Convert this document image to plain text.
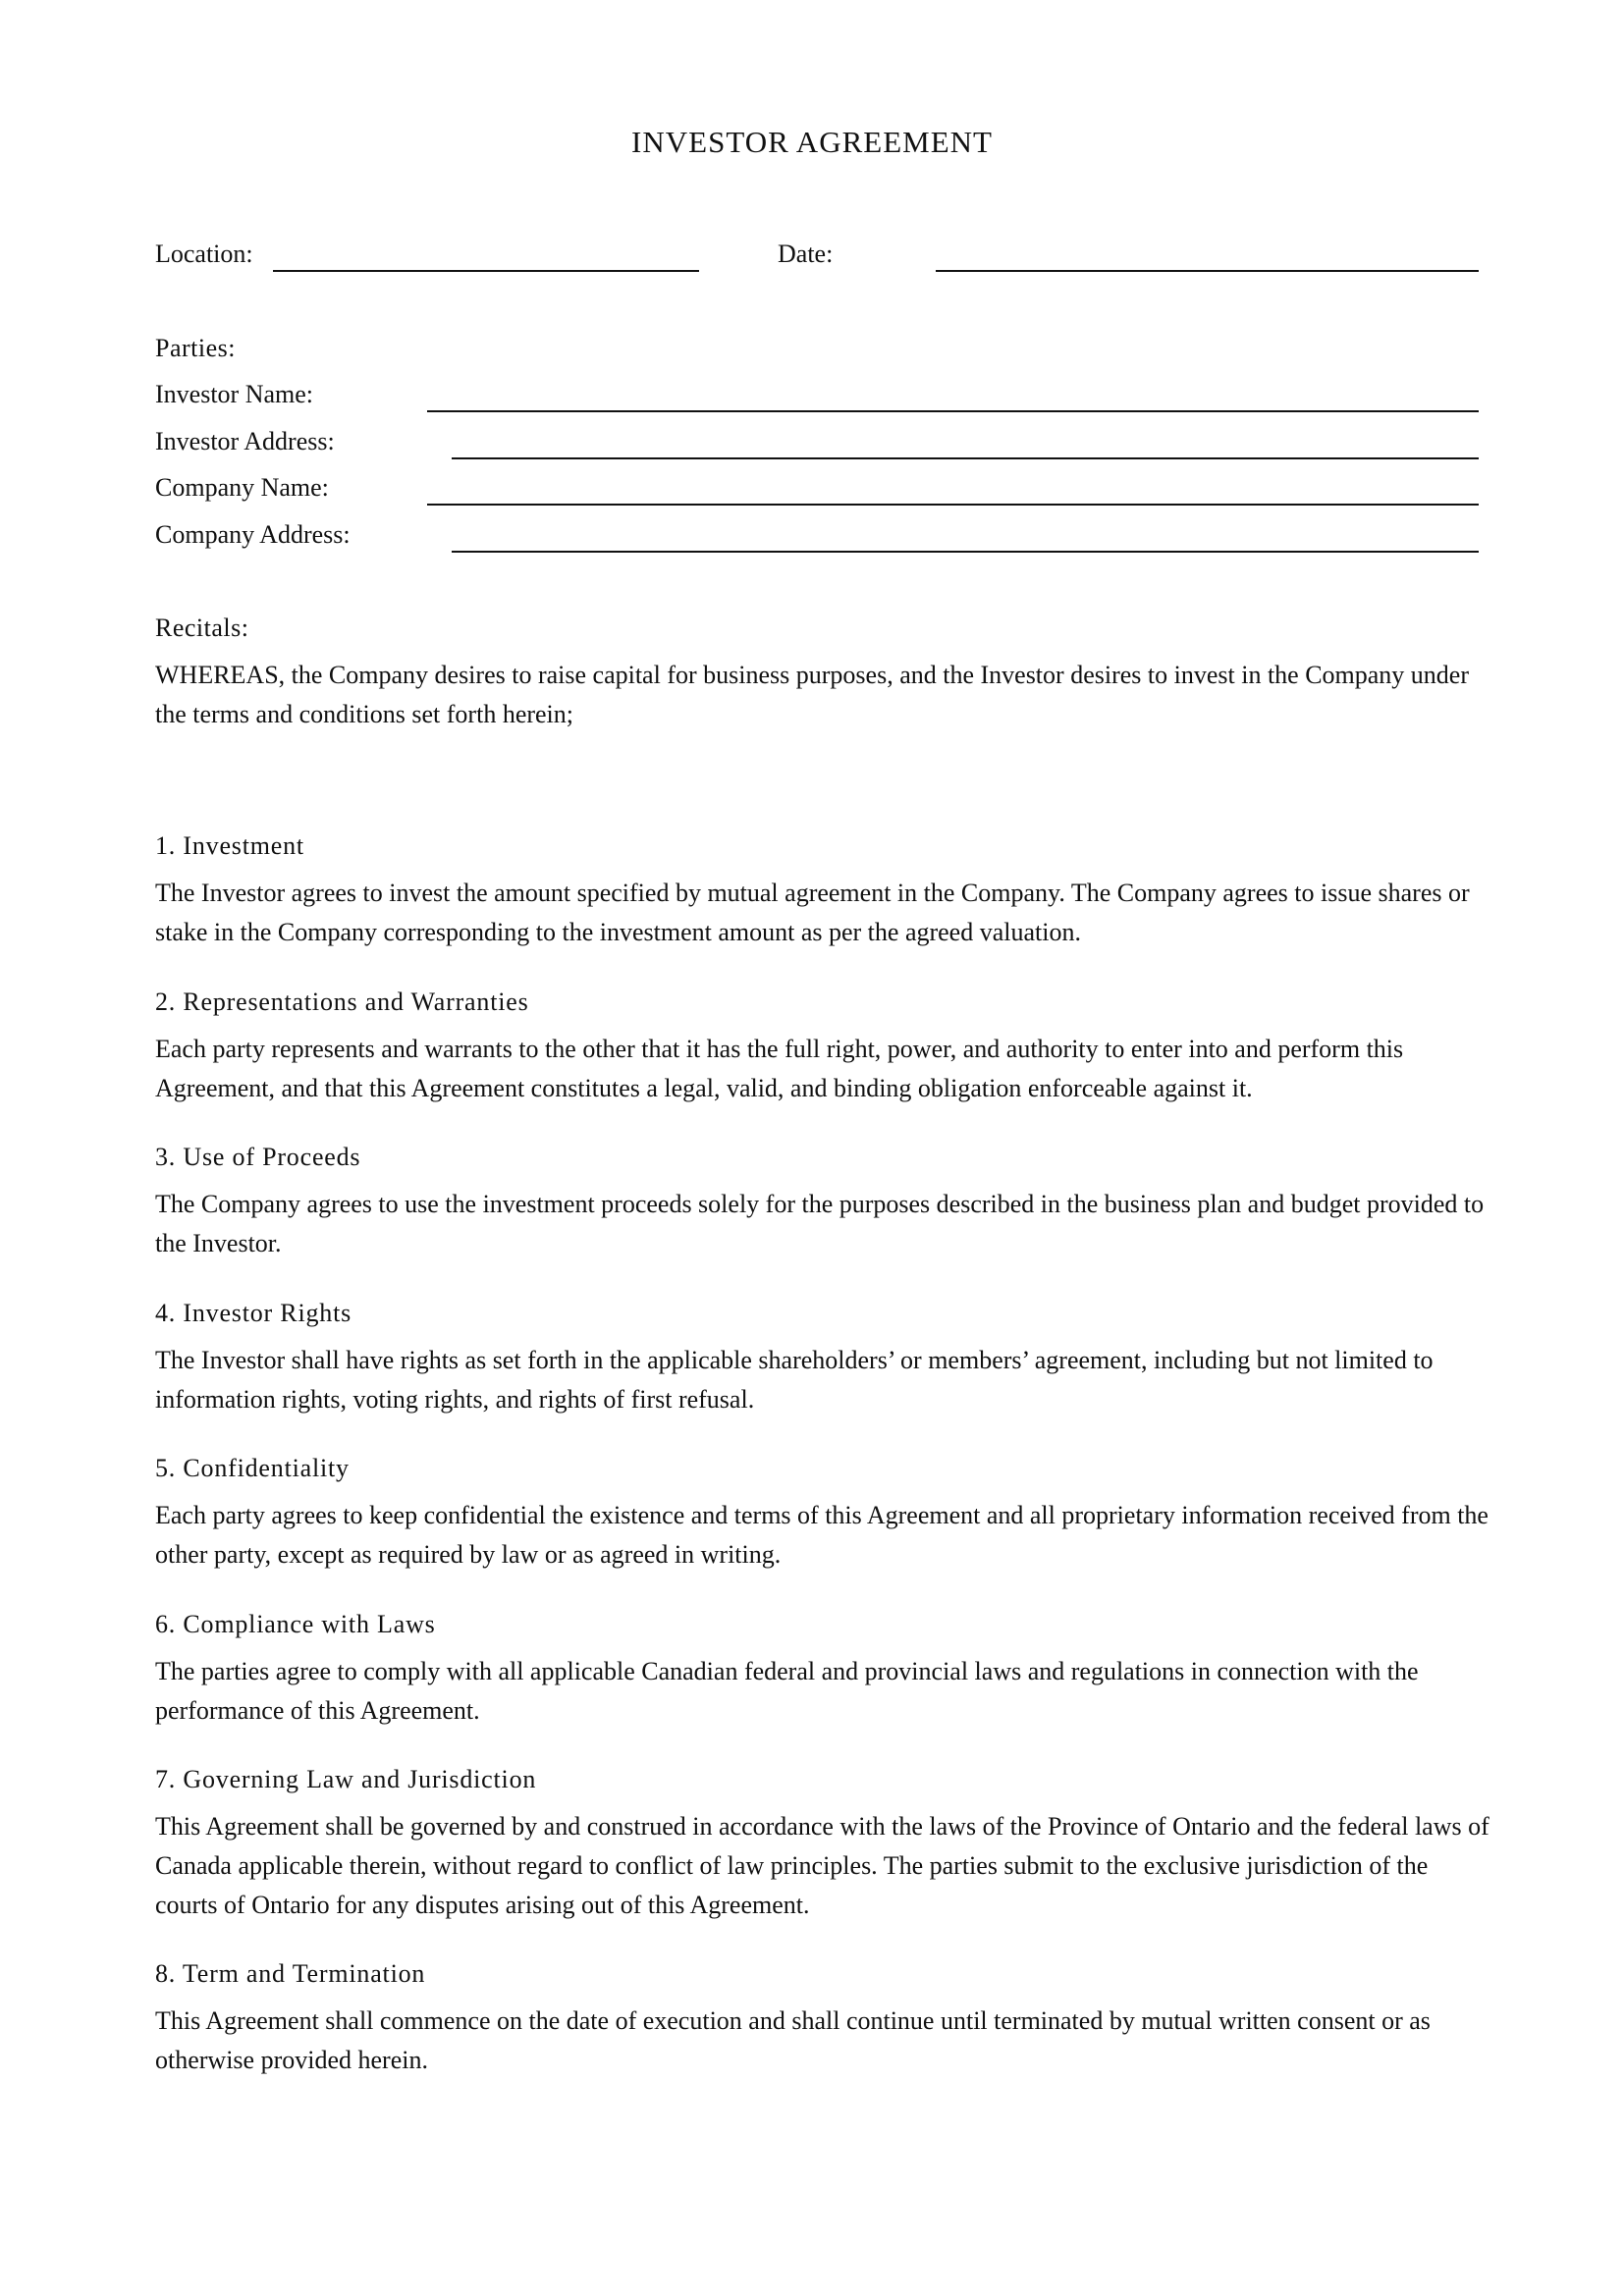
INVESTOR AGREEMENT
Location:	Date:
Parties:
Investor Name:
Investor Address:
Company Name:
Company Address:
Recitals:
WHEREAS, the Company desires to raise capital for business purposes, and the Investor desires to invest in the Company under the terms and conditions set forth herein;
1. Investment
The Investor agrees to invest the amount specified by mutual agreement in the Company. The Company agrees to issue shares or stake in the Company corresponding to the investment amount as per the agreed valuation.
2. Representations and Warranties
Each party represents and warrants to the other that it has the full right, power, and authority to enter into and perform this Agreement, and that this Agreement constitutes a legal, valid, and binding obligation enforceable against it.
3. Use of Proceeds
The Company agrees to use the investment proceeds solely for the purposes described in the business plan and budget provided to the Investor.
4. Investor Rights
The Investor shall have rights as set forth in the applicable shareholders’ or members’ agreement, including but not limited to information rights, voting rights, and rights of first refusal.
5. Confidentiality
Each party agrees to keep confidential the existence and terms of this Agreement and all proprietary information received from the other party, except as required by law or as agreed in writing.
6. Compliance with Laws
The parties agree to comply with all applicable Canadian federal and provincial laws and regulations in connection with the performance of this Agreement.
7. Governing Law and Jurisdiction
This Agreement shall be governed by and construed in accordance with the laws of the Province of Ontario and the federal laws of Canada applicable therein, without regard to conflict of law principles. The parties submit to the exclusive jurisdiction of the courts of Ontario for any disputes arising out of this Agreement.
8. Term and Termination
This Agreement shall commence on the date of execution and shall continue until terminated by mutual written consent or as otherwise provided herein.
